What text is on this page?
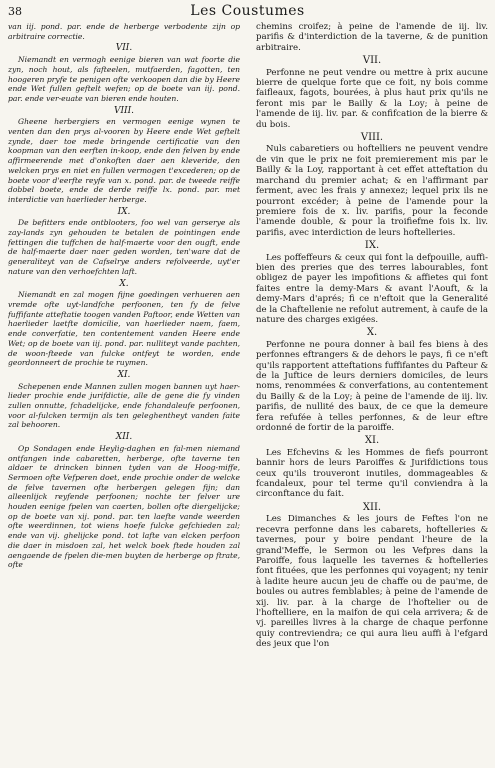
38	Les Coustumes

van iij. pond. par. ende de herberge verbodente zijn op arbitraire correctie.

VII.

Niemandt en vermogh eenige bieren van wat foorte die zyn, noch hout, als fafteelen, mutfaerden, fagotten, ten hoogeren pryfe te penigen ofte verkoopen dan die by Heere ende Wet fullen geftelt wefen; op de boete van iij. pond. par. ende ver-euate van bieren ende houten.

VIII.

Gheene herbergiers en vermogen eenige wynen te venten dan den prys al-vooren by Heere ende Wet geftelt zynde, daer toe mede bringende certificatie van den koopman van den eerften in-koop, ende den felven by ende affirmeerende met d'onkoften daer aen kleveride, den welcken prys en niet en fullen vermogen t'excederen; op de boete voor d'eerfte reyfe van x. pond. par. de tweede reiffe dobbel boete, ende de derde reiffe lx. pond. par. met interdictie van haerlieder herberge.

IX.

De befitters ende ontblooters, foo wel van gerserye als zay-lands zyn gehouden te betalen de pointingen ende fettingen die tuffchen de half-maerte voor den ougft, ende de half-maerte daer naer geden worden, ten'ware dat de generaliteyt van de Cafselrye anders refolveerde, uyt'er nature van den verhoefchten laft.

X.

Niemandt en zal mogen fijne goedingen verhueren aen vremde ofte uyt-landfche perfoonen, ten fy de felve fuffifante atteftatie toogen vanden Paftoor, ende Wetten van haerlieder laetfte domicilie, van haerlieder naem, faem, ende converfatie, ten contentement vanden Heere ende Wet; op de boete van iij. pond. par. nulliteyt vande pachten, de woon-fteede van fulcke ontfeyt te worden, ende geordonneert de prochie te ruymen.

XI.

Schepenen ende Mannen zullen mogen bannen uyt haer-lieder prochie ende jurifdictie, alle de gene die fy vinden zullen onnutte, fchadelijcke, ende fchandaleufe perfoonen, voor al-fulcken termijn als ten geleghentheyt vanden faite zal behooren.

XII.

Op Sondagen ende Heylig-daghen en fal-men niemand ontfangen inde cabaretten, herberge, ofte taverne ten aldaer te drincken binnen tyden van de Hoog-miffe, Sermoen ofte Vefperen doet, ende prochie onder de welcke de felve tavernen ofte herbergen gelegen fijn; dan alleenlijck reyfende perfoonen; nochte ter felver ure houden eenige fpelen van caerten, bollen ofte diergelijcke; op de boete van xij. pond. par. ten laefte vande weerden ofte weerdinnen, tot wiens hoefe fulcke gefchieden zal; ende van vij. ghelijcke pond. tot lafte van elcken perfoon die daer in misdoen zal, het welck boek ftede houden zal aengaende de fpelen die-men buyten de herberge op ftrate, ofte

chemins croifez; à peine de l'amende de iij. liv. parifis & d'interdiction de la taverne, & de punition arbitraire.

VII.

Perfonne ne peut vendre ou mettre à prix aucune bierre de quelque forte que ce foit, ny bois comme faifleaux, fagots, bourées, à plus haut prix qu'ils ne feront mis par le Bailly & la Loy; à peine de l'amende de iij. liv. par. & confifcation de la bierre & du bois.

VIII.

Nuls cabaretiers ou hoftelliers ne peuvent vendre de vin que le prix ne foit premierement mis par le Bailly & la Loy, rapportant à cet effet atteftation du marchand du premier achat; & en l'affirmant par ferment, avec les frais y annexez; lequel prix ils ne pourront excéder; à peine de l'amende pour la premiere fois de x. liv. parifis, pour la feconde l'amende double, & pour la troifiefme fois lx. liv. parifis, avec interdiction de leurs hoftelleries.

IX.

Les poffeffeurs & ceux qui font la defpouille, auffi-bien des preries que des terres labourables, font obligez de payer les impofitions & affietes qui font faites entre la demy-Mars & avant l'Aouft, & la demy-Mars d'aprés; fi ce n'eftoit que la Generalité de la Chaftellenie ne refolut autrement, à caufe de la nature des charges exigées.

X.

Perfonne ne poura donner à bail fes biens à des perfonnes eftrangers & de dehors le pays, fi ce n'eft qu'ils rapportent atteftations fuffifantes du Pafteur & de la Juftice de leurs derniers domiciles, de leurs noms, renommées & converfations, au contentement du Bailly & de la Loy; à peine de l'amende de iij. liv. parifis, de nullité des baux, de ce que la demeure fera refufée à telles perfonnes, & de leur eftre ordonné de fortir de la paroiffe.

XI.

Les Efchevins & les Hommes de fiefs pourront bannir hors de leurs Paroiffes & Jurifdictions tous ceux qu'ils trouveront inutiles, dommageables & fcandaleux, pour tel terme qu'il conviendra à la circonftance du fait.

XII.

Les Dimanches & les jours de Feftes l'on ne recevra perfonne dans les cabarets, hoftelleries & tavernes, pour y boire pendant l'heure de la grand'Meffe, le Sermon ou les Vefpres dans la Paroiffe, fous laquelle les tavernes & hoftelleries font fituées, que les perfonnes qui voyagent; ny tenir à ladite heure aucun jeu de chaffe ou de pau'me, de boules ou autres femblables; à peine de l'amende de xij. liv. par. à la charge de l'hoftelier ou de l'hoftelliere, en la maifon de qui cela arrivera; & de vj. pareilles livres à la charge de chaque perfonne quiy contreviendra; ce qui aura lieu auffi à l'efgard des jeux que l'on
